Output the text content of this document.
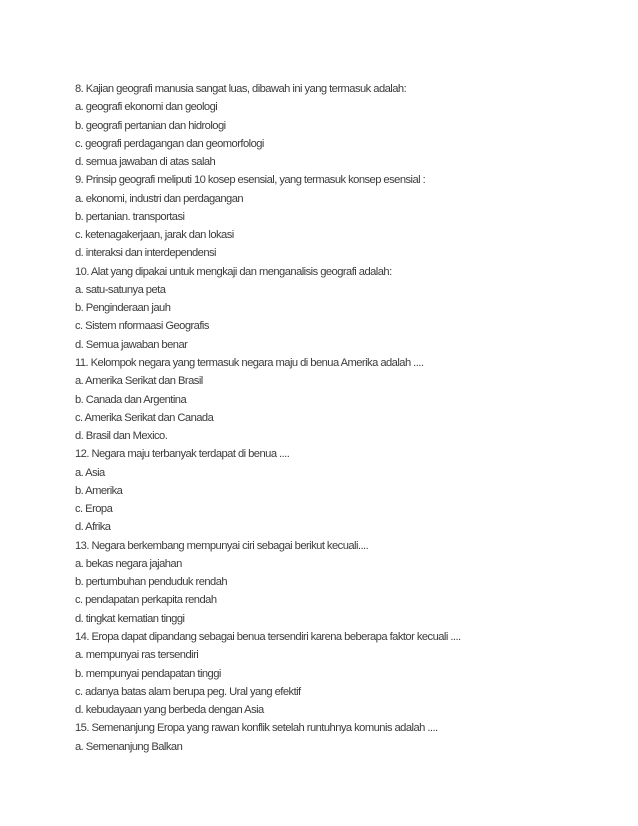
8. Kajian geografi manusia sangat luas, dibawah ini yang termasuk adalah:
a. geografi ekonomi dan geologi
b. geografi pertanian dan hidrologi
c. geografi perdagangan dan geomorfologi
d. semua jawaban di atas salah
9. Prinsip geografi meliputi 10 kosep esensial, yang termasuk konsep esensial :
a. ekonomi, industri dan perdagangan
b. pertanian. transportasi
c. ketenagakerjaan, jarak dan lokasi
d. interaksi dan interdependensi
10. Alat yang dipakai untuk mengkaji dan menganalisis geografi adalah:
a. satu-satunya peta
b. Penginderaan jauh
c. Sistem nformaasi Geografis
d. Semua jawaban benar
11. Kelompok negara yang termasuk negara maju di benua Amerika adalah ....
a. Amerika Serikat dan Brasil
b. Canada dan Argentina
c. Amerika Serikat dan Canada
d. Brasil dan Mexico.
12. Negara maju terbanyak terdapat di benua ....
a. Asia
b. Amerika
c. Eropa
d. Afrika
13. Negara berkembang mempunyai ciri sebagai berikut kecuali....
a. bekas negara jajahan
b. pertumbuhan penduduk rendah
c. pendapatan perkapita rendah
d. tingkat kematian tinggi
14. Eropa dapat dipandang sebagai benua tersendiri karena beberapa faktor kecuali ....
a. mempunyai ras tersendiri
b. mempunyai pendapatan tinggi
c. adanya batas alam berupa peg. Ural yang efektif
d. kebudayaan yang berbeda dengan Asia
15. Semenanjung Eropa yang rawan konflik setelah runtuhnya komunis adalah ....
a. Semenanjung Balkan
